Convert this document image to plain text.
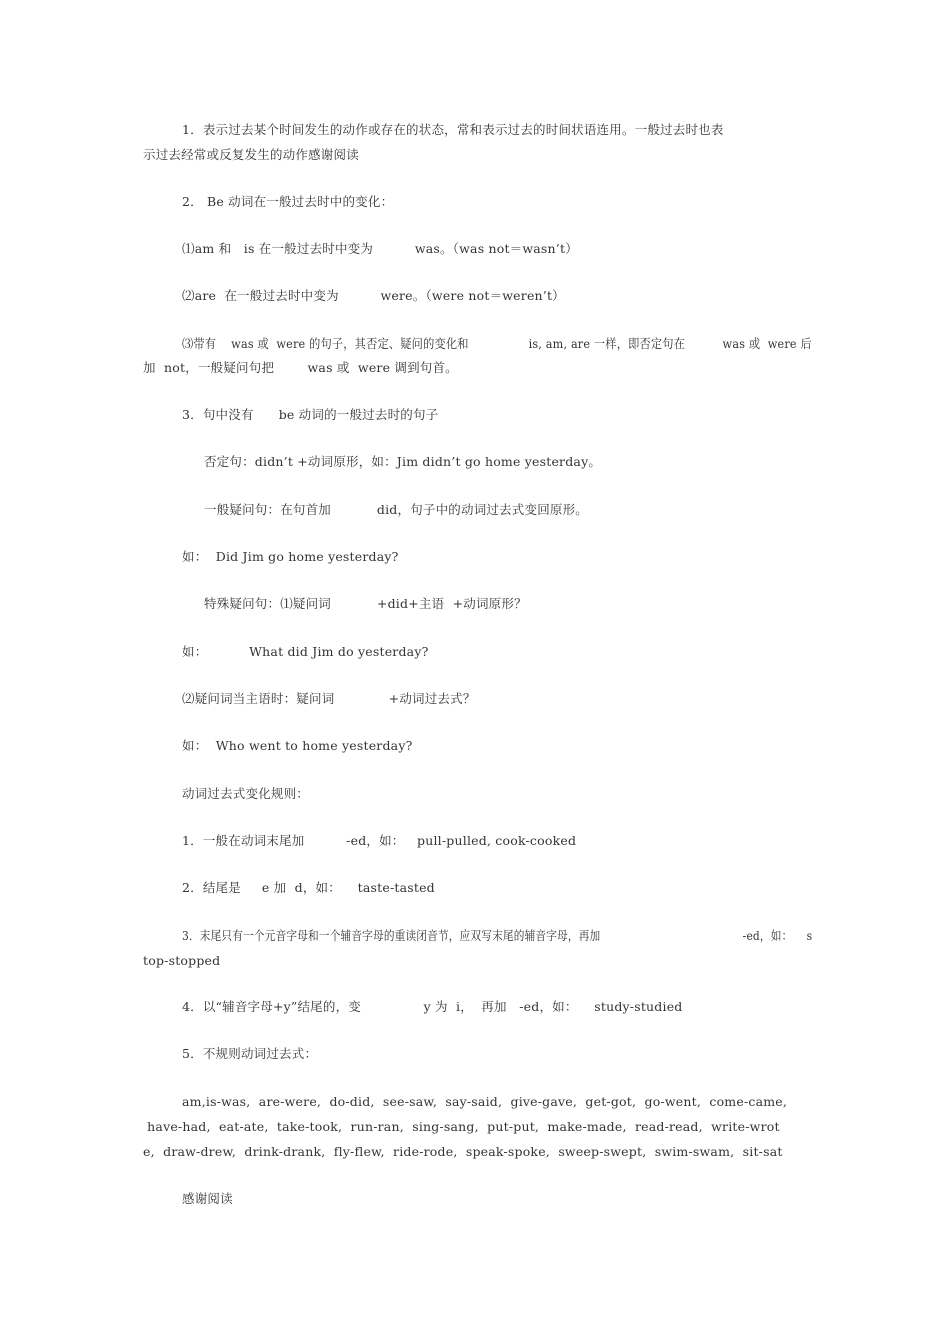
1．表示过去某个时间发生的动作或存在的状态，常和表示过去的时间状语连用。一般过去时也表
示过去经常或反复发生的动作感谢阅读
2． Be 动词在一般过去时中的变化：
⑴am 和   is 在一般过去时中变为          was。（was not＝wasn’t）
⑵are  在一般过去时中变为          were。（were not＝weren’t）
⑶带有    was 或  were 的句子，其否定、疑问的变化和                is, am, are 一样，即否定句在          was 或  were 后
加  not，一般疑问句把        was 或  were 调到句首。
3．句中没有      be 动词的一般过去时的句子
否定句：didn’t +动词原形，如：Jim didn’t go home yesterday。
一般疑问句：在句首加           did，句子中的动词过去式变回原形。
如：  Did Jim go home yesterday?
特殊疑问句：⑴疑问词           +did+主语  +动词原形？
如：          What did Jim do yesterday?
⑵疑问词当主语时：疑问词             +动词过去式？
如：  Who went to home yesterday?
动词过去式变化规则：
1．一般在动词末尾加          -ed，如：   pull-pulled, cook-cooked
2．结尾是     e 加  d，如：    taste-tasted
3．末尾只有一个元音字母和一个辅音字母的重读闭音节，应双写末尾的辅音字母，再加                                        -ed，如：    s
top-stopped
4．以“辅音字母+y”结尾的，变               y 为  i，  再加   -ed，如：    study-studied
5．不规则动词过去式：
am,is-was,  are-were,  do-did,  see-saw,  say-said,  give-gave,  get-got,  go-went,  come-came,
have-had,  eat-ate,  take-took,  run-ran,  sing-sang,  put-put,  make-made,  read-read,  write-wrot
e,  draw-drew,  drink-drank,  fly-flew,  ride-rode,  speak-spoke,  sweep-swept,  swim-swam,  sit-sat
感谢阅读
